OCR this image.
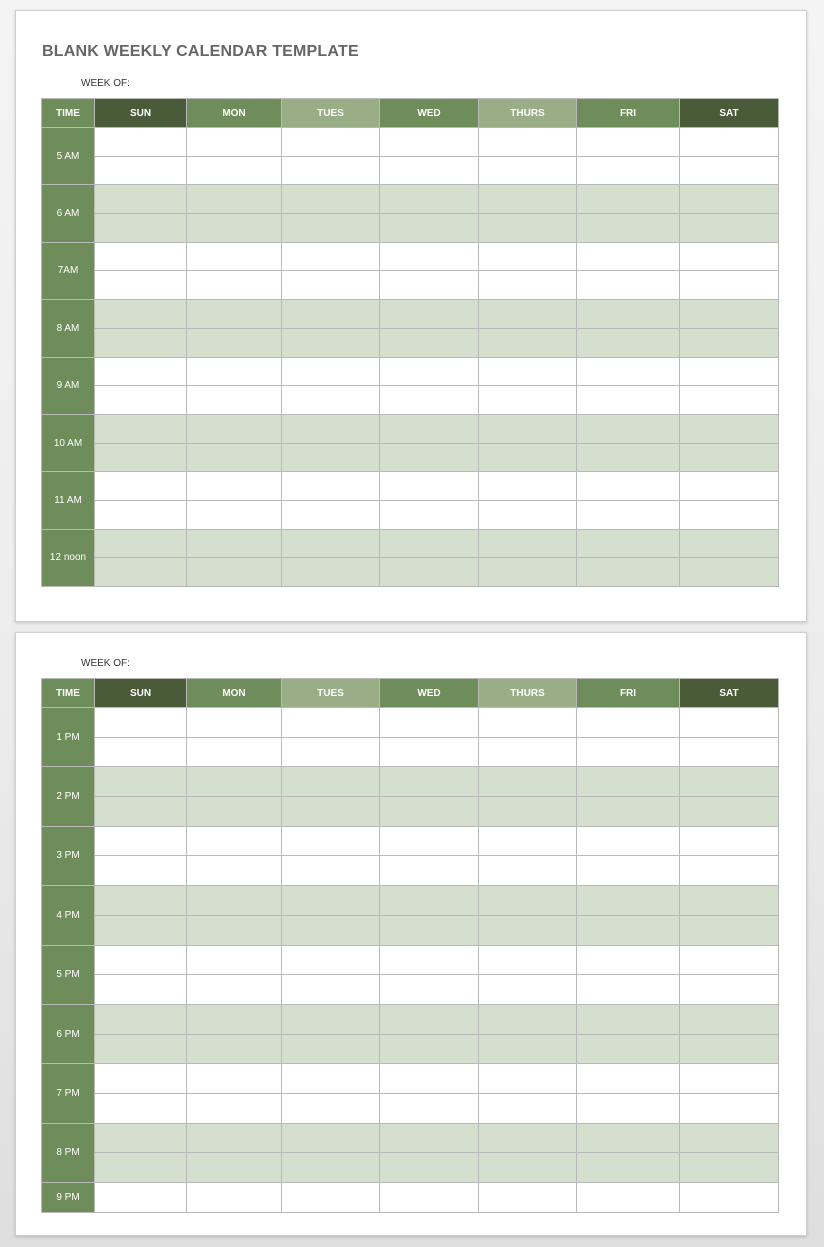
BLANK WEEKLY CALENDAR TEMPLATE
WEEK OF:
TIME	SUN	MON	TUES	WED	THURS	FRI	SAT
5 AM							

6 AM							

7AM							

8 AM							

9 AM							

10 AM							

11 AM							

12 noon							

WEEK OF:
TIME	SUN	MON	TUES	WED	THURS	FRI	SAT
1 PM							

2 PM							

3 PM							

4 PM							

5 PM							

6 PM							

7 PM							

8 PM							

9 PM							
